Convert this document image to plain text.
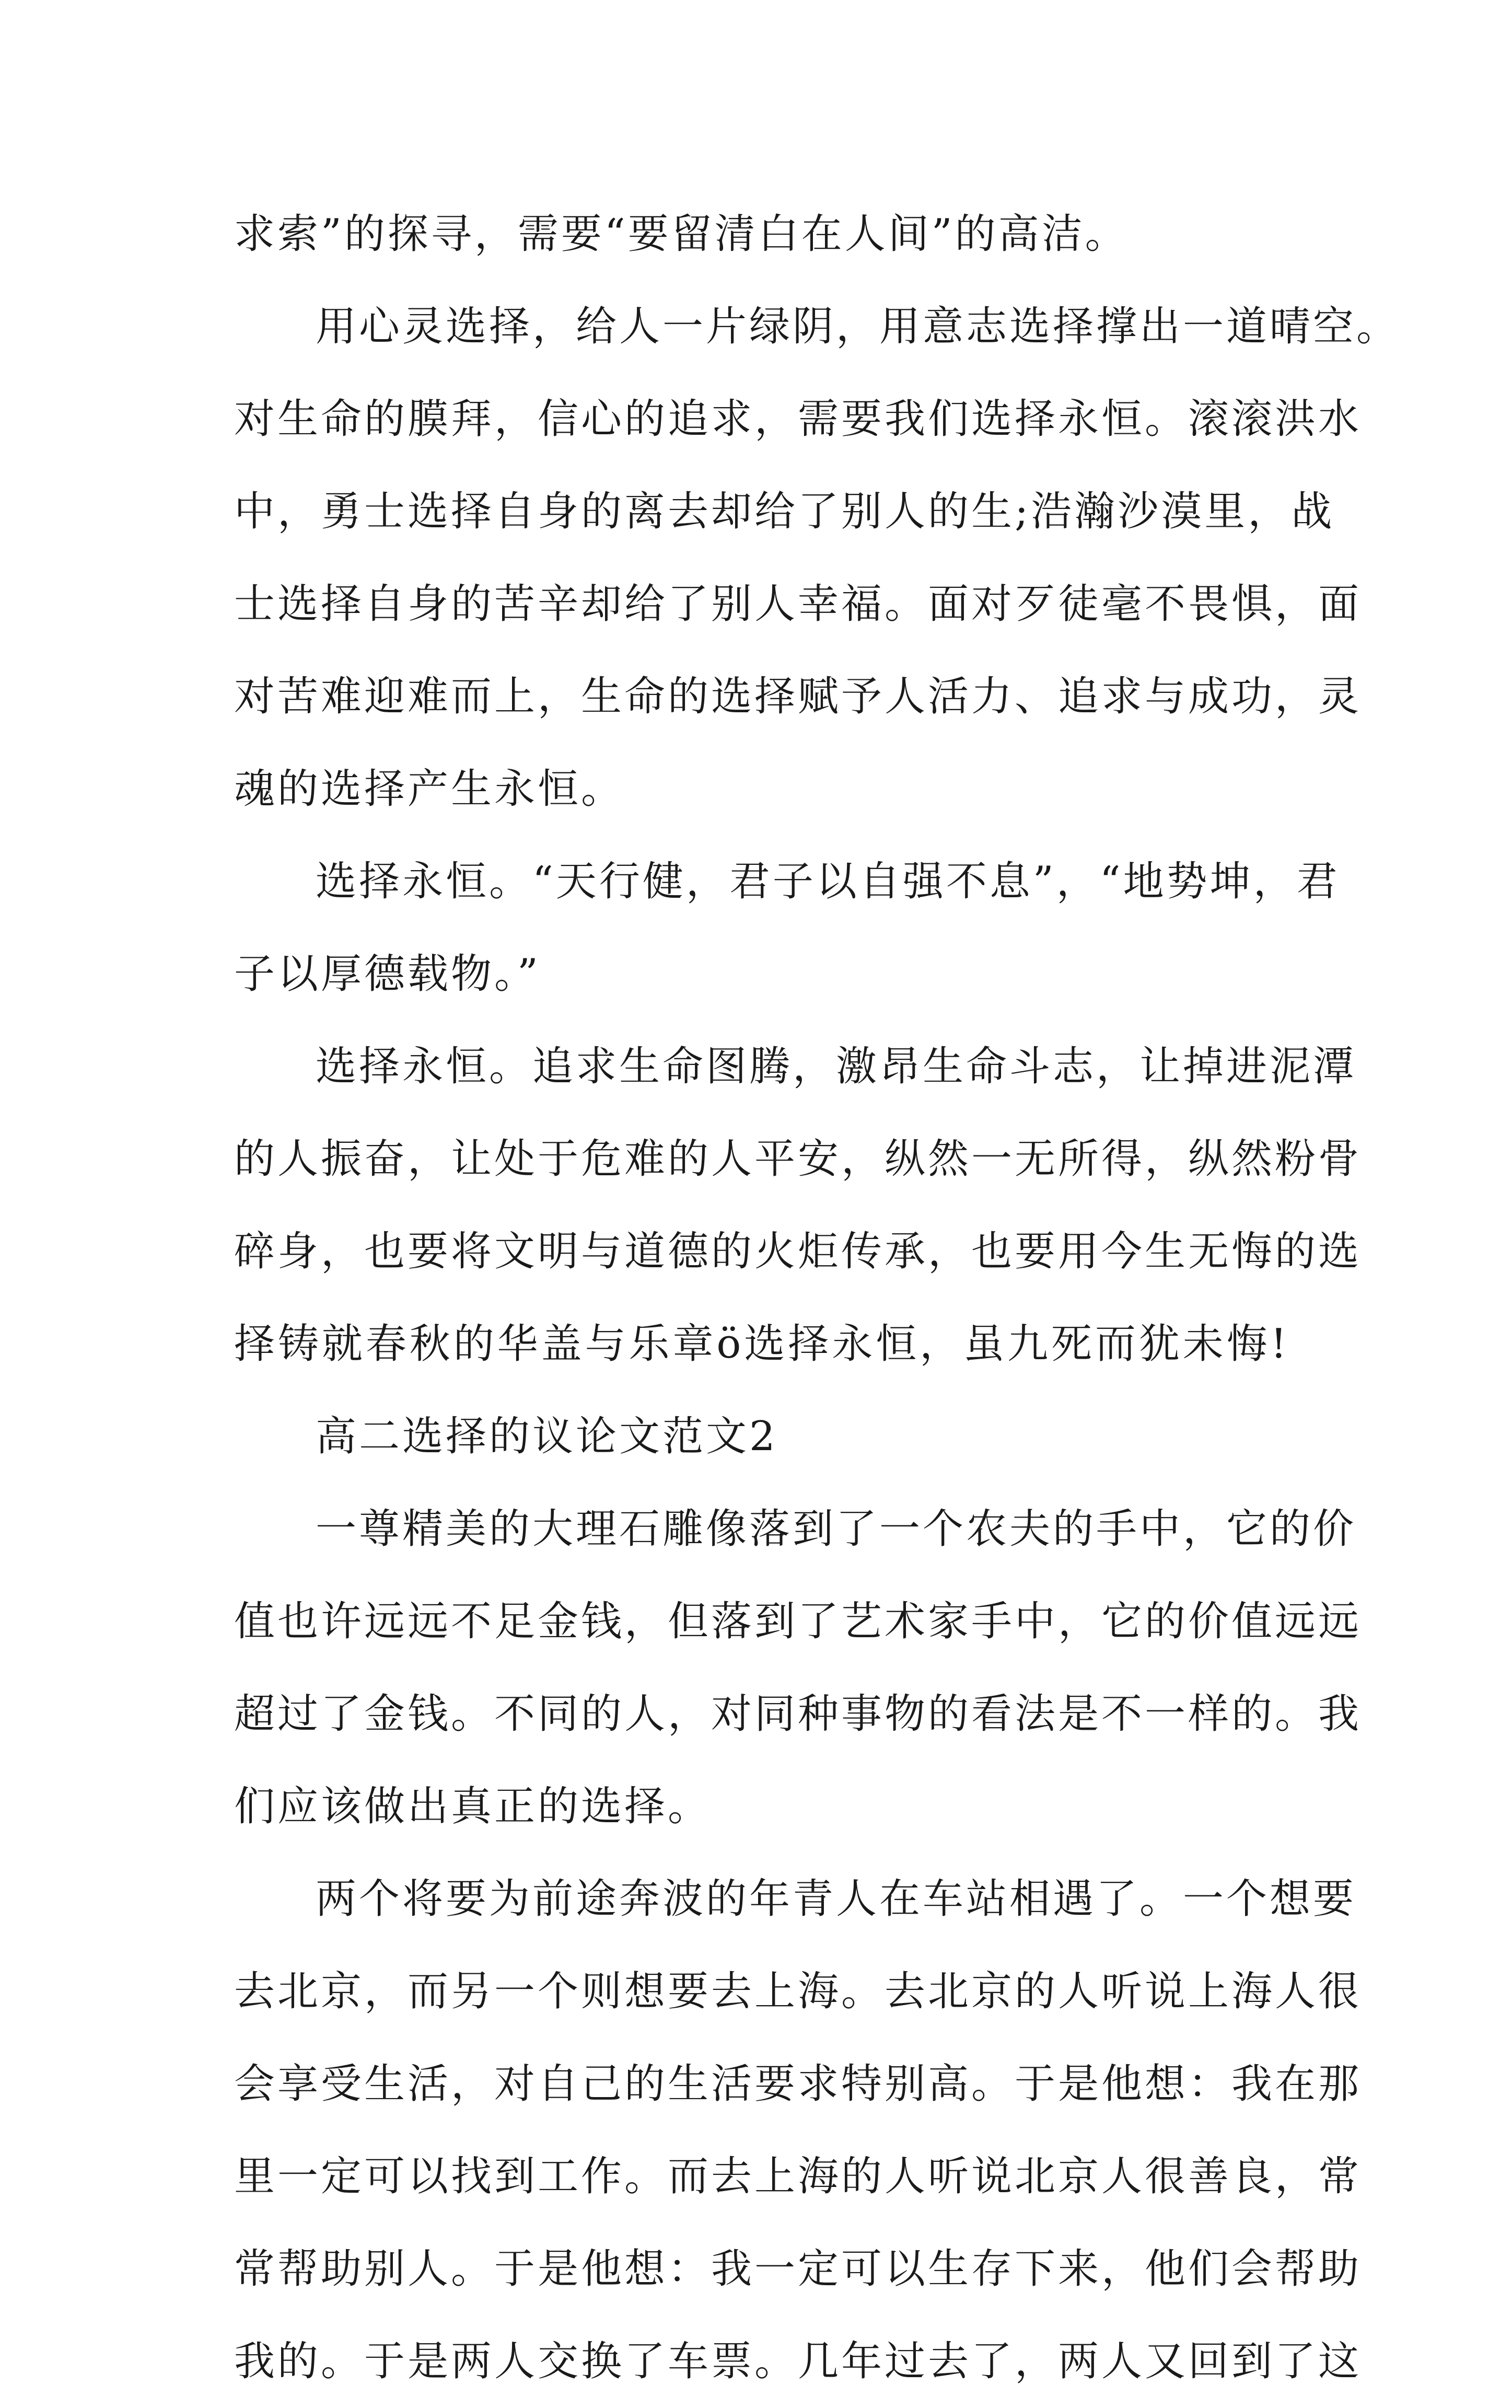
求索”的探寻，需要“要留清白在人间”的高洁。
用心灵选择，给人一片绿阴，用意志选择撑出一道晴空。
对生命的膜拜，信心的追求，需要我们选择永恒。滚滚洪水
中，勇士选择自身的离去却给了别人的生;浩瀚沙漠里，战
士选择自身的苦辛却给了别人幸福。面对歹徒毫不畏惧，面
对苦难迎难而上，生命的选择赋予人活力、追求与成功，灵
魂的选择产生永恒。
选择永恒。“天行健，君子以自强不息”，“地势坤，君
子以厚德载物。”
选择永恒。追求生命图腾，激昂生命斗志，让掉进泥潭
的人振奋，让处于危难的人平安，纵然一无所得，纵然粉骨
碎身，也要将文明与道德的火炬传承，也要用今生无悔的选
择铸就春秋的华盖与乐章ö选择永恒，虽九死而犹未悔!
高二选择的议论文范文2
一尊精美的大理石雕像落到了一个农夫的手中，它的价
值也许远远不足金钱，但落到了艺术家手中，它的价值远远
超过了金钱。不同的人，对同种事物的看法是不一样的。我
们应该做出真正的选择。
两个将要为前途奔波的年青人在车站相遇了。一个想要
去北京，而另一个则想要去上海。去北京的人听说上海人很
会享受生活，对自己的生活要求特别高。于是他想：我在那
里一定可以找到工作。而去上海的人听说北京人很善良，常
常帮助别人。于是他想：我一定可以生存下来，他们会帮助
我的。于是两人交换了车票。几年过去了，两人又回到了这
